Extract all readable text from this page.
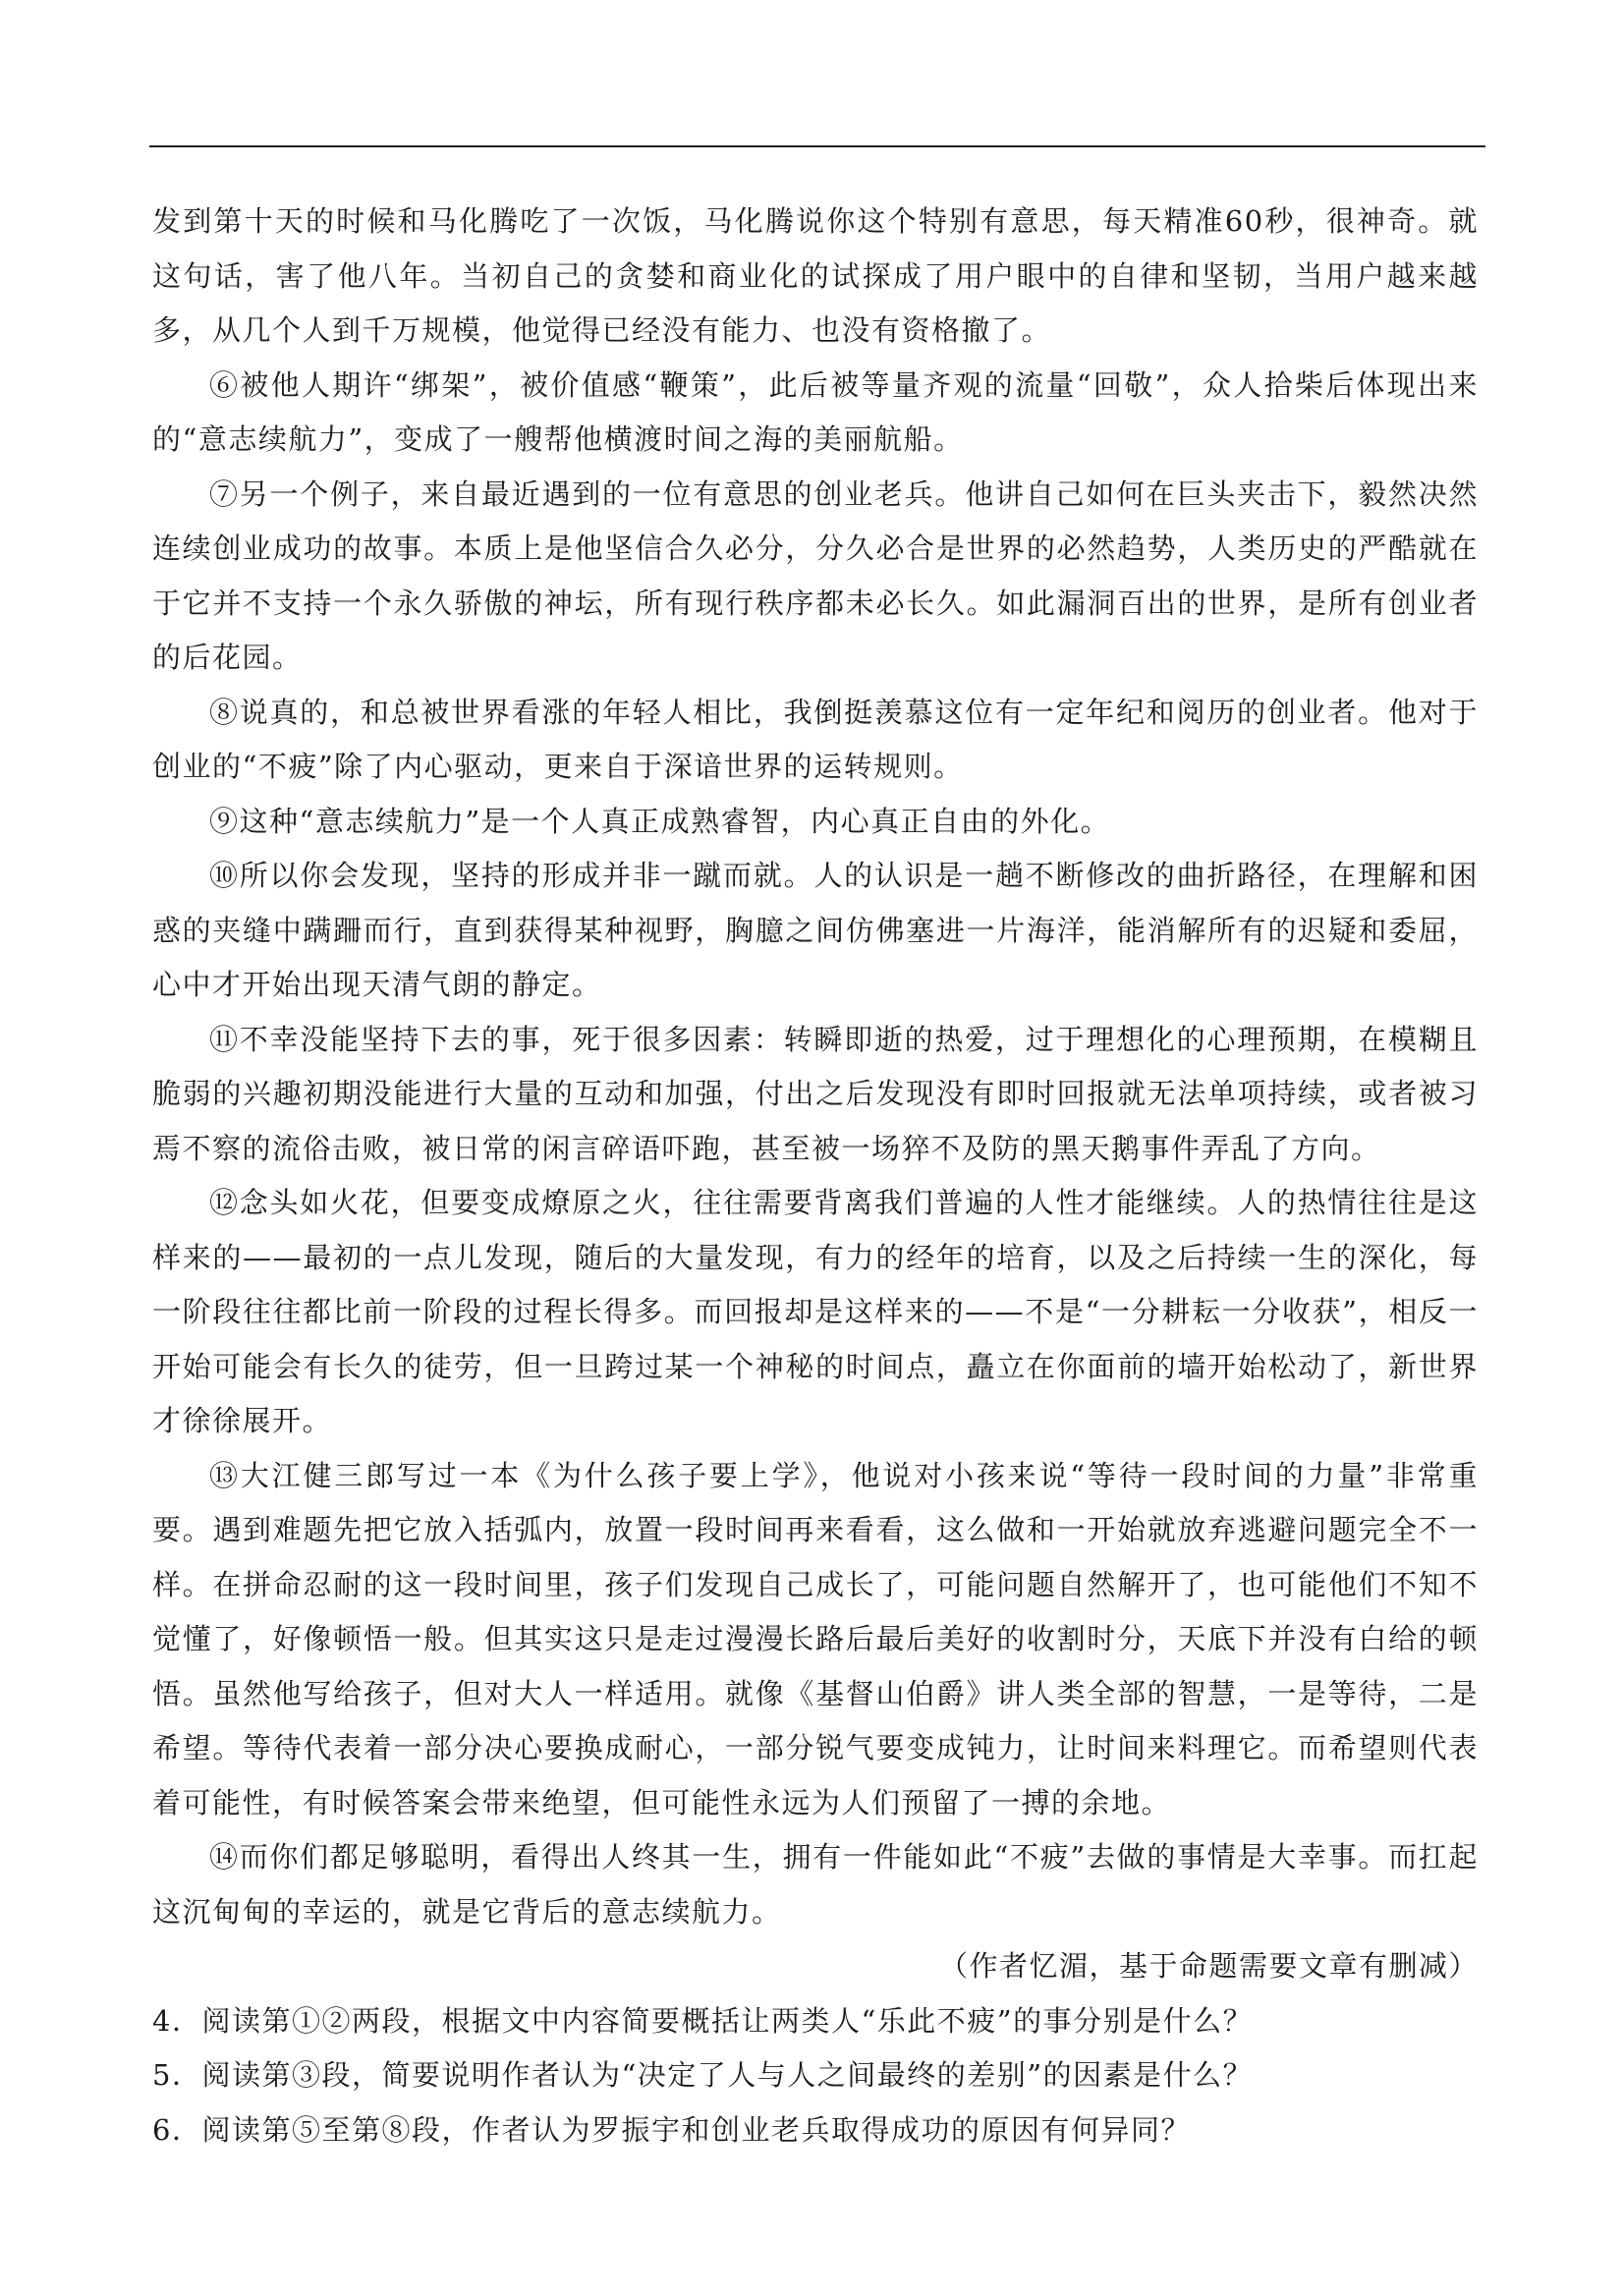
发到第十天的时候和马化腾吃了一次饭，马化腾说你这个特别有意思，每天精准60秒，很神奇。就这句话，害了他八年。当初自己的贪婪和商业化的试探成了用户眼中的自律和坚韧，当用户越来越多，从几个人到千万规模，他觉得已经没有能力、也没有资格撤了。

⑥被他人期许“绑架”，被价值感“鞭策”，此后被等量齐观的流量“回敬”，众人拾柴后体现出来的“意志续航力”，变成了一艘帮他横渡时间之海的美丽航船。

⑦另一个例子，来自最近遇到的一位有意思的创业老兵。他讲自己如何在巨头夹击下，毅然决然连续创业成功的故事。本质上是他坚信合久必分，分久必合是世界的必然趋势，人类历史的严酷就在于它并不支持一个永久骄傲的神坛，所有现行秩序都未必长久。如此漏洞百出的世界，是所有创业者的后花园。

⑧说真的，和总被世界看涨的年轻人相比，我倒挺羡慕这位有一定年纪和阅历的创业者。他对于创业的“不疲”除了内心驱动，更来自于深谙世界的运转规则。

⑨这种“意志续航力”是一个人真正成熟睿智，内心真正自由的外化。

⑩所以你会发现，坚持的形成并非一蹴而就。人的认识是一趟不断修改的曲折路径，在理解和困惑的夹缝中蹒跚而行，直到获得某种视野，胸臆之间仿佛塞进一片海洋，能消解所有的迟疑和委屈，心中才开始出现天清气朗的静定。

⑪不幸没能坚持下去的事，死于很多因素：转瞬即逝的热爱，过于理想化的心理预期，在模糊且脆弱的兴趣初期没能进行大量的互动和加强，付出之后发现没有即时回报就无法单项持续，或者被习焉不察的流俗击败，被日常的闲言碎语吓跑，甚至被一场猝不及防的黑天鹅事件弄乱了方向。

⑫念头如火花，但要变成燎原之火，往往需要背离我们普遍的人性才能继续。人的热情往往是这样来的——最初的一点儿发现，随后的大量发现，有力的经年的培育，以及之后持续一生的深化，每一阶段往往都比前一阶段的过程长得多。而回报却是这样来的——不是“一分耕耘一分收获”，相反一开始可能会有长久的徒劳，但一旦跨过某一个神秘的时间点，矗立在你面前的墙开始松动了，新世界才徐徐展开。

⑬大江健三郎写过一本《为什么孩子要上学》，他说对小孩来说“等待一段时间的力量”非常重要。遇到难题先把它放入括弧内，放置一段时间再来看看，这么做和一开始就放弃逃避问题完全不一样。在拼命忍耐的这一段时间里，孩子们发现自己成长了，可能问题自然解开了，也可能他们不知不觉懂了，好像顿悟一般。但其实这只是走过漫漫长路后最后美好的收割时分，天底下并没有白给的顿悟。虽然他写给孩子，但对大人一样适用。就像《基督山伯爵》讲人类全部的智慧，一是等待，二是希望。等待代表着一部分决心要换成耐心，一部分锐气要变成钝力，让时间来料理它。而希望则代表着可能性，有时候答案会带来绝望，但可能性永远为人们预留了一搏的余地。

⑭而你们都足够聪明，看得出人终其一生，拥有一件能如此“不疲”去做的事情是大幸事。而扛起这沉甸甸的幸运的，就是它背后的意志续航力。

（作者忆湄，基于命题需要文章有删减）

4．阅读第①②两段，根据文中内容简要概括让两类人“乐此不疲”的事分别是什么？

5．阅读第③段，简要说明作者认为“决定了人与人之间最终的差别”的因素是什么？

6．阅读第⑤至第⑧段，作者认为罗振宇和创业老兵取得成功的原因有何异同？
